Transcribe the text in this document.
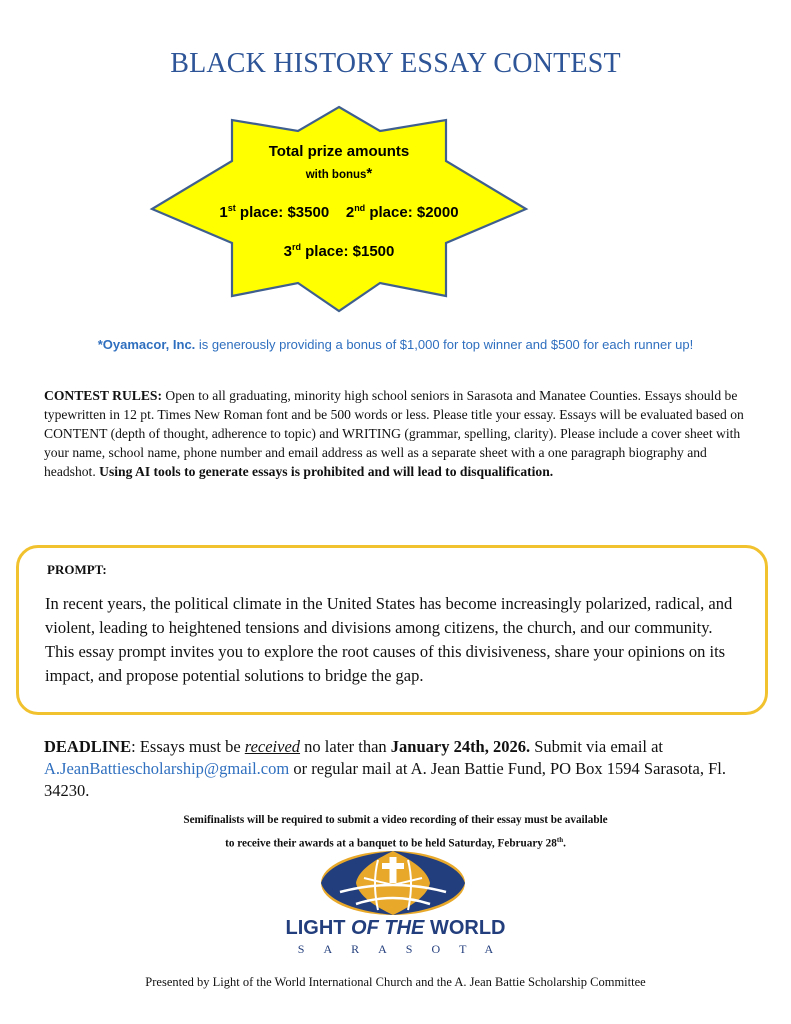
BLACK HISTORY ESSAY CONTEST
Total prize amounts
with bonus*
1st place: $3500 2nd place: $2000
3rd place: $1500
*Oyamacor, Inc. is generously providing a bonus of $1,000 for top winner and $500 for each runner up!
CONTEST RULES: Open to all graduating, minority high school seniors in Sarasota and Manatee Counties. Essays should be typewritten in 12 pt. Times New Roman font and be 500 words or less. Please title your essay. Essays will be evaluated based on CONTENT (depth of thought, adherence to topic) and WRITING (grammar, spelling, clarity). Please include a cover sheet with your name, school name, phone number and email address as well as a separate sheet with a one paragraph biography and headshot. Using AI tools to generate essays is prohibited and will lead to disqualification.
PROMPT:
In recent years, the political climate in the United States has become increasingly polarized, radical, and violent, leading to heightened tensions and divisions among citizens, the church, and our community. This essay prompt invites you to explore the root causes of this divisiveness, share your opinions on its impact, and propose potential solutions to bridge the gap.
DEADLINE: Essays must be received no later than January 24th, 2026. Submit via email at A.JeanBattiescholarship@gmail.com or regular mail at A. Jean Battie Fund, PO Box 1594 Sarasota, Fl. 34230.
Semifinalists will be required to submit a video recording of their essay must be available
to receive their awards at a banquet to be held Saturday, February 28th.
LIGHT OF THE WORLD
SARASOTA
Presented by Light of the World International Church and the A. Jean Battie Scholarship Committee
